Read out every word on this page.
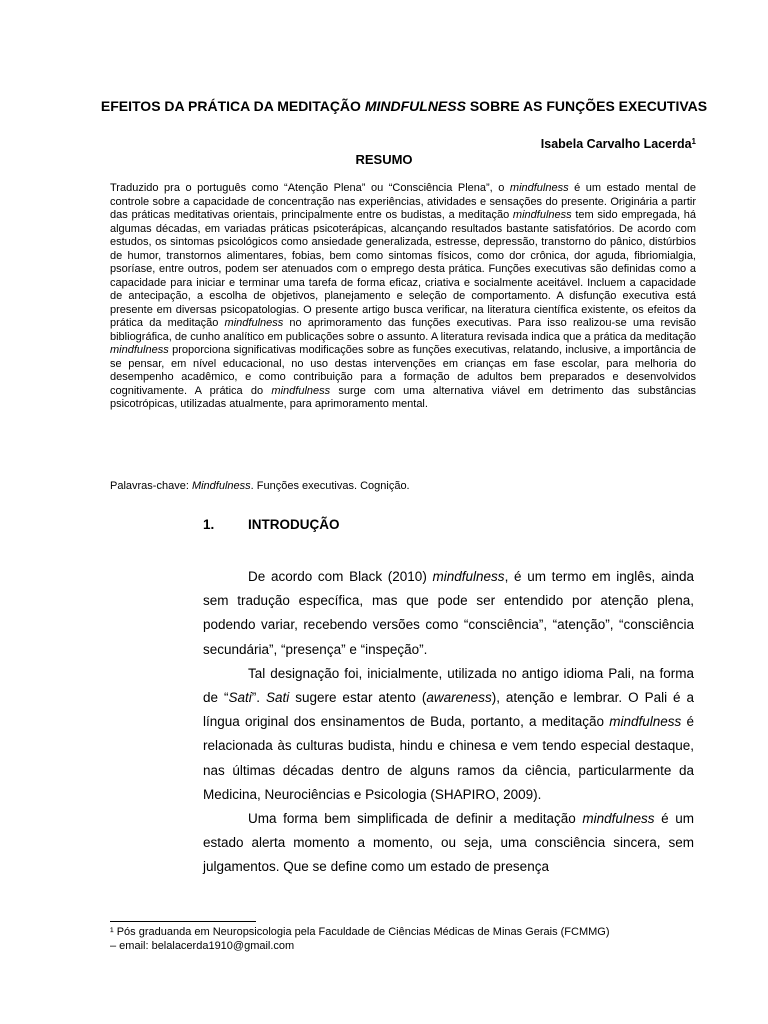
EFEITOS DA PRÁTICA DA MEDITAÇÃO MINDFULNESS SOBRE AS FUNÇÕES EXECUTIVAS
Isabela Carvalho Lacerda$^1$
RESUMO

Traduzido pra o português como “Atenção Plena” ou “Consciência Plena”, o mindfulness é um estado mental de controle sobre a capacidade de concentração nas experiências, atividades e sensações do presente. Originária a partir das práticas meditativas orientais, principalmente entre os budistas, a meditação mindfulness tem sido empregada, há algumas décadas, em variadas práticas psicoterápicas, alcançando resultados bastante satisfatórios. De acordo com estudos, os sintomas psicológicos como ansiedade generalizada, estresse, depressão, transtorno do pânico, distúrbios de humor, transtornos alimentares, fobias, bem como sintomas físicos, como dor crônica, dor aguda, fibriomialgia, psoríase, entre outros, podem ser atenuados com o emprego desta prática. Funções executivas são definidas como a capacidade para iniciar e terminar uma tarefa de forma eficaz, criativa e socialmente aceitável. Incluem a capacidade de antecipação, a escolha de objetivos, planejamento e seleção de comportamento. A disfunção executiva está presente em diversas psicopatologias. O presente artigo busca verificar, na literatura científica existente, os efeitos da prática da meditação mindfulness no aprimoramento das funções executivas. Para isso realizou-se uma revisão bibliográfica, de cunho analítico em publicações sobre o assunto. A literatura revisada indica que a prática da meditação mindfulness proporciona significativas modificações sobre as funções executivas, relatando, inclusive, a importância de se pensar, em nível educacional, no uso destas intervenções em crianças em fase escolar, para melhoria do desempenho acadêmico, e como contribuição para a formação de adultos bem preparados e desenvolvidos cognitivamente. A prática do mindfulness surge com uma alternativa viável em detrimento das substâncias psicotrópicas, utilizadas atualmente, para aprimoramento mental.

Palavras-chave: Mindfulness. Funções executivas. Cognição.
1. INTRODUÇÃO

De acordo com Black (2010) mindfulness, é um termo em inglês, ainda sem tradução específica, mas que pode ser entendido por atenção plena, podendo variar, recebendo versões como “consciência”, “atenção”, “consciência secundária”, “presença” e “inspeção”.

Tal designação foi, inicialmente, utilizada no antigo idioma Pali, na forma de “Sati”. Sati sugere estar atento (awareness), atenção e lembrar. O Pali é a língua original dos ensinamentos de Buda, portanto, a meditação mindfulness é relacionada às culturas budista, hindu e chinesa e vem tendo especial destaque, nas últimas décadas dentro de alguns ramos da ciência, particularmente da Medicina, Neurociências e Psicologia (SHAPIRO, 2009).

Uma forma bem simplificada de definir a meditação mindfulness é um estado alerta momento a momento, ou seja, uma consciência sincera, sem julgamentos. Que se define como um estado de presença

¹ Pós graduanda em Neuropsicologia pela Faculdade de Ciências Médicas de Minas Gerais (FCMMG)
– email: belalacerda1910@gmail.com
